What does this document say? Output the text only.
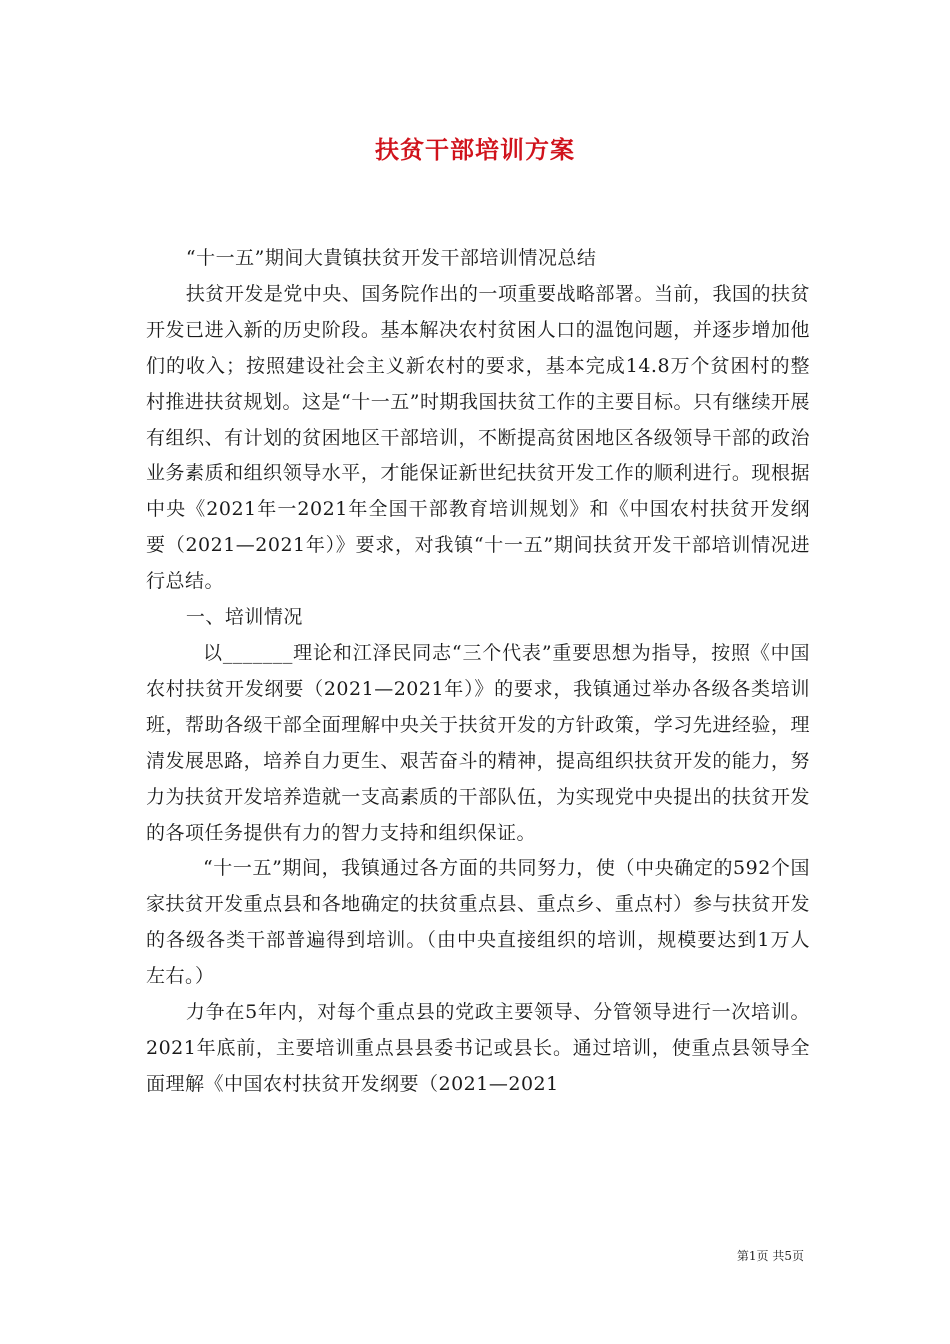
扶贫干部培训方案

“十一五”期间大貴镇扶贫开发干部培训情况总结

扶贫开发是党中央、国务院作出的一项重要战略部署。当前，我国的扶贫开发已进入新的历史阶段。基本解决农村贫困人口的温饱问题，并逐步增加他们的收入；按照建设社会主义新农村的要求，基本完成14.8万个贫困村的整村推进扶贫规划。这是“十一五”时期我国扶贫工作的主要目标。只有继续开展有组织、有计划的贫困地区干部培训，不断提高贫困地区各级领导干部的政治业务素质和组织领导水平，才能保证新世纪扶贫开发工作的顺利进行。现根据中央《2021年一2021年全国干部教育培训规划》和《中国农村扶贫开发纲要（2021—2021年）》要求，对我镇“十一五”期间扶贫开发干部培训情况进行总结。

一、培训情况

以_______理论和江泽民同志“三个代表”重要思想为指导，按照《中国农村扶贫开发纲要（2021—2021年）》的要求，我镇通过举办各级各类培训班，帮助各级干部全面理解中央关于扶贫开发的方针政策，学习先进经验，理清发展思路，培养自力更生、艰苦奋斗的精神，提高组织扶贫开发的能力，努力为扶贫开发培养造就一支高素质的干部队伍，为实现党中央提出的扶贫开发的各项任务提供有力的智力支持和组织保证。

“十一五”期间，我镇通过各方面的共同努力，使（中央确定的592个国家扶贫开发重点县和各地确定的扶贫重点县、重点乡、重点村）参与扶贫开发的各级各类干部普遍得到培训。（由中央直接组织的培训，规模要达到1万人左右。）

力争在5年内，对每个重点县的党政主要领导、分管领导进行一次培训。2021年底前，主要培训重点县县委书记或县长。通过培训，使重点县领导全面理解《中国农村扶贫开发纲要（2021—2021

第1页 共5页
